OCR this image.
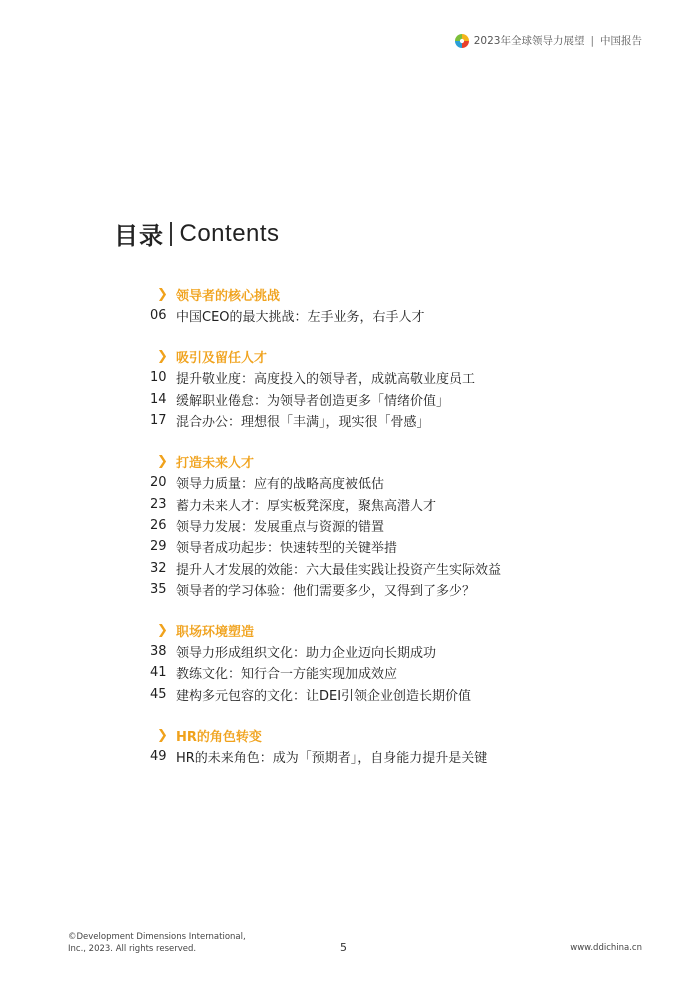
2023年全球领导力展望 | 中国报告
目录 Contents
❯ 领导者的核心挑战
06 中国CEO的最大挑战：左手业务，右手人才
❯ 吸引及留任人才
10 提升敬业度：高度投入的领导者，成就高敬业度员工
14 缓解职业倦怠：为领导者创造更多「情绪价值」
17 混合办公：理想很「丰满」，现实很「骨感」
❯ 打造未来人才
20 领导力质量：应有的战略高度被低估
23 蓄力未来人才：厚实板凳深度，聚焦高潜人才
26 领导力发展：发展重点与资源的错置
29 领导者成功起步：快速转型的关键举措
32 提升人才发展的效能：六大最佳实践让投资产生实际效益
35 领导者的学习体验：他们需要多少，又得到了多少？
❯ 职场环境塑造
38 领导力形成组织文化：助力企业迈向长期成功
41 教练文化：知行合一方能实现加成效应
45 建构多元包容的文化：让DEI引领企业创造长期价值
❯ HR的角色转变
49 HR的未来角色：成为「预期者」，自身能力提升是关键
©Development Dimensions International,
Inc., 2023. All rights reserved.	5	www.ddichina.cn
